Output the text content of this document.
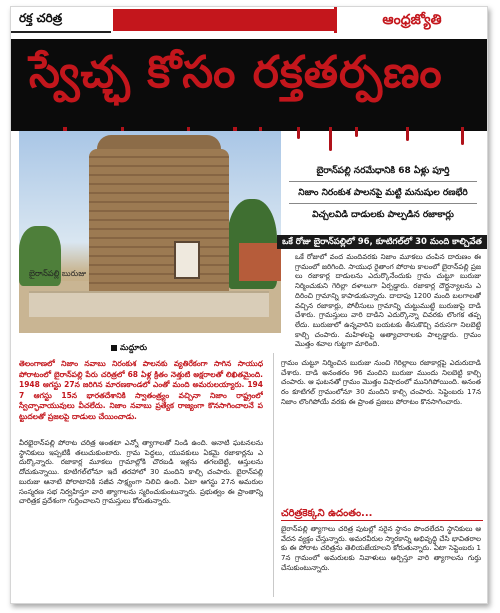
రక్త చరిత్ర	ఆంధ్రజ్యోతి
స్వేచ్ఛ కోసం రక్తతర్పణం
బైరాన్‌పల్లి బురుజు
మద్దూరు
బైరాన్‌పల్లి నరమేధానికి 68 ఏళ్లు పూర్తి
నిజాం నిరంకుశ పాలనపై మట్టి మనుషుల రణభేరి
విచ్చలవిడి దాడులకు పాల్పడిన రజాకార్లు
ఒకే రోజు బైరాన్‌పల్లిలో 96, కూటిగల్‌లో 30 మంది కాల్చివేత
ఒకే రోజులో వంద మందివరకు నిజాం మూకలు చంపిన దారుణం ఈ గ్రామంలో జరిగింది. సాయుధ రైతాంగ పోరాట కాలంలో బైరాన్‌పల్లి ప్రజలు రజాకార్ల దాడులను ఎదుర్కొనేందుకు గ్రామ చుట్టూ బురుజు నిర్మించుకుని గెరిల్లా దళాలుగా ఏర్పడ్డారు. రజాకార్ల దౌర్జన్యాలను ఎదిరించి గ్రామాన్ని కాపాడుకున్నారు. దాదాపు 1200 మంది బలగాలతో వచ్చిన రజాకార్లు, పోలీసులు గ్రామాన్ని చుట్టుముట్టి బురుజుపై దాడి చేశారు. గ్రామస్తులు వారి దాడిని ఎదుర్కొన్నా చివరకు లొంగక తప్పలేదు. బురుజులో ఉన్నవారిని బయటకు తీసుకొచ్చి వరుసగా నిలబెట్టి కాల్చి చంపారు. మహిళలపై అత్యాచారాలకు పాల్పడ్డారు. గ్రామం మొత్తం శవాల గుట్టగా మారింది.
తెలంగాణలో నిజాం నవాబు నిరంకుశ పాలనకు వ్యతిరేకంగా సాగిన సాయుధ పోరాటంలో బైరాన్‌పల్లి పేరు చరిత్రలో 68 ఏళ్ల క్రితం నెత్తుటి అక్షరాలతో లిఖితమైంది. 1948 ఆగస్టు 27న జరిగిన మారణకాండలో ఎంతో మంది అమరులయ్యారు. 1947 ఆగస్టు 15న భారతదేశానికి స్వాతంత్ర్యం వచ్చినా నిజాం రాష్ట్రంలో స్వేచ్ఛావాయువులు వీచలేదు. నిజాం నవాబు ప్రత్యేక రాజ్యంగా కొనసాగించాలనే పట్టుదలతో ప్రజలపై దాడులు చేయించాడు.
వీరభైరాన్‌పల్లి పోరాట చరిత్ర అంతటా ఎన్నో త్యాగాలతో నిండి ఉంది. ఆనాటి ఘటనలను స్థానికులు ఇప్పటికీ తలుచుకుంటారు. గ్రామ పెద్దలు, యువకులు ఏకమై రజాకార్లను ఎదుర్కొన్నారు. రజాకార్ల మూకలు గ్రామాల్లోకి చొరబడి ఇళ్లను తగలబెట్టి, ఆస్తులను దోచుకున్నాయి. కూటిగల్‌లోనూ ఇదే తరహాలో 30 మందిని కాల్చి చంపారు. బైరాన్‌పల్లి బురుజు ఆనాటి పోరాటానికి సజీవ సాక్ష్యంగా నిలిచి ఉంది. ఏటా ఆగస్టు 27న అమరుల సంస్మరణ సభ నిర్వహిస్తూ వారి త్యాగాలను స్మరించుకుంటున్నారు. ప్రభుత్వం ఈ ప్రాంతాన్ని చారిత్రక ప్రదేశంగా గుర్తించాలని గ్రామస్తులు కోరుతున్నారు.
గ్రామం చుట్టూ నిర్మించిన బురుజు నుంచి గెరిల్లాలు రజాకార్లపై ఎదురుదాడి చేశారు. దాడి అనంతరం 96 మందిని బురుజు ముందు నిలబెట్టి కాల్చి చంపారు. ఆ ఘటనతో గ్రామం మొత్తం విషాదంలో మునిగిపోయింది. అనంతరం కూటిగల్ గ్రామంలోనూ 30 మందిని కాల్చి చంపారు. సెప్టెంబరు 17న నిజాం లొంగిపోయే వరకు ఈ ప్రాంత ప్రజలు పోరాటం కొనసాగించారు.
చరిత్రకెక్కని ఉదంతం...
బైరాన్‌పల్లి త్యాగాలు చరిత్ర పుటల్లో సరైన స్థానం పొందలేదని స్థానికులు ఆవేదన వ్యక్తం చేస్తున్నారు. అమరవీరుల స్మారకాన్ని అభివృద్ధి చేసి భావితరాలకు ఈ పోరాట చరిత్రను తెలియజేయాలని కోరుతున్నారు. ఏటా సెప్టెంబరు 17న గ్రామంలో అమరులకు నివాళులు అర్పిస్తూ వారి త్యాగాలను గుర్తు చేసుకుంటున్నారు.
